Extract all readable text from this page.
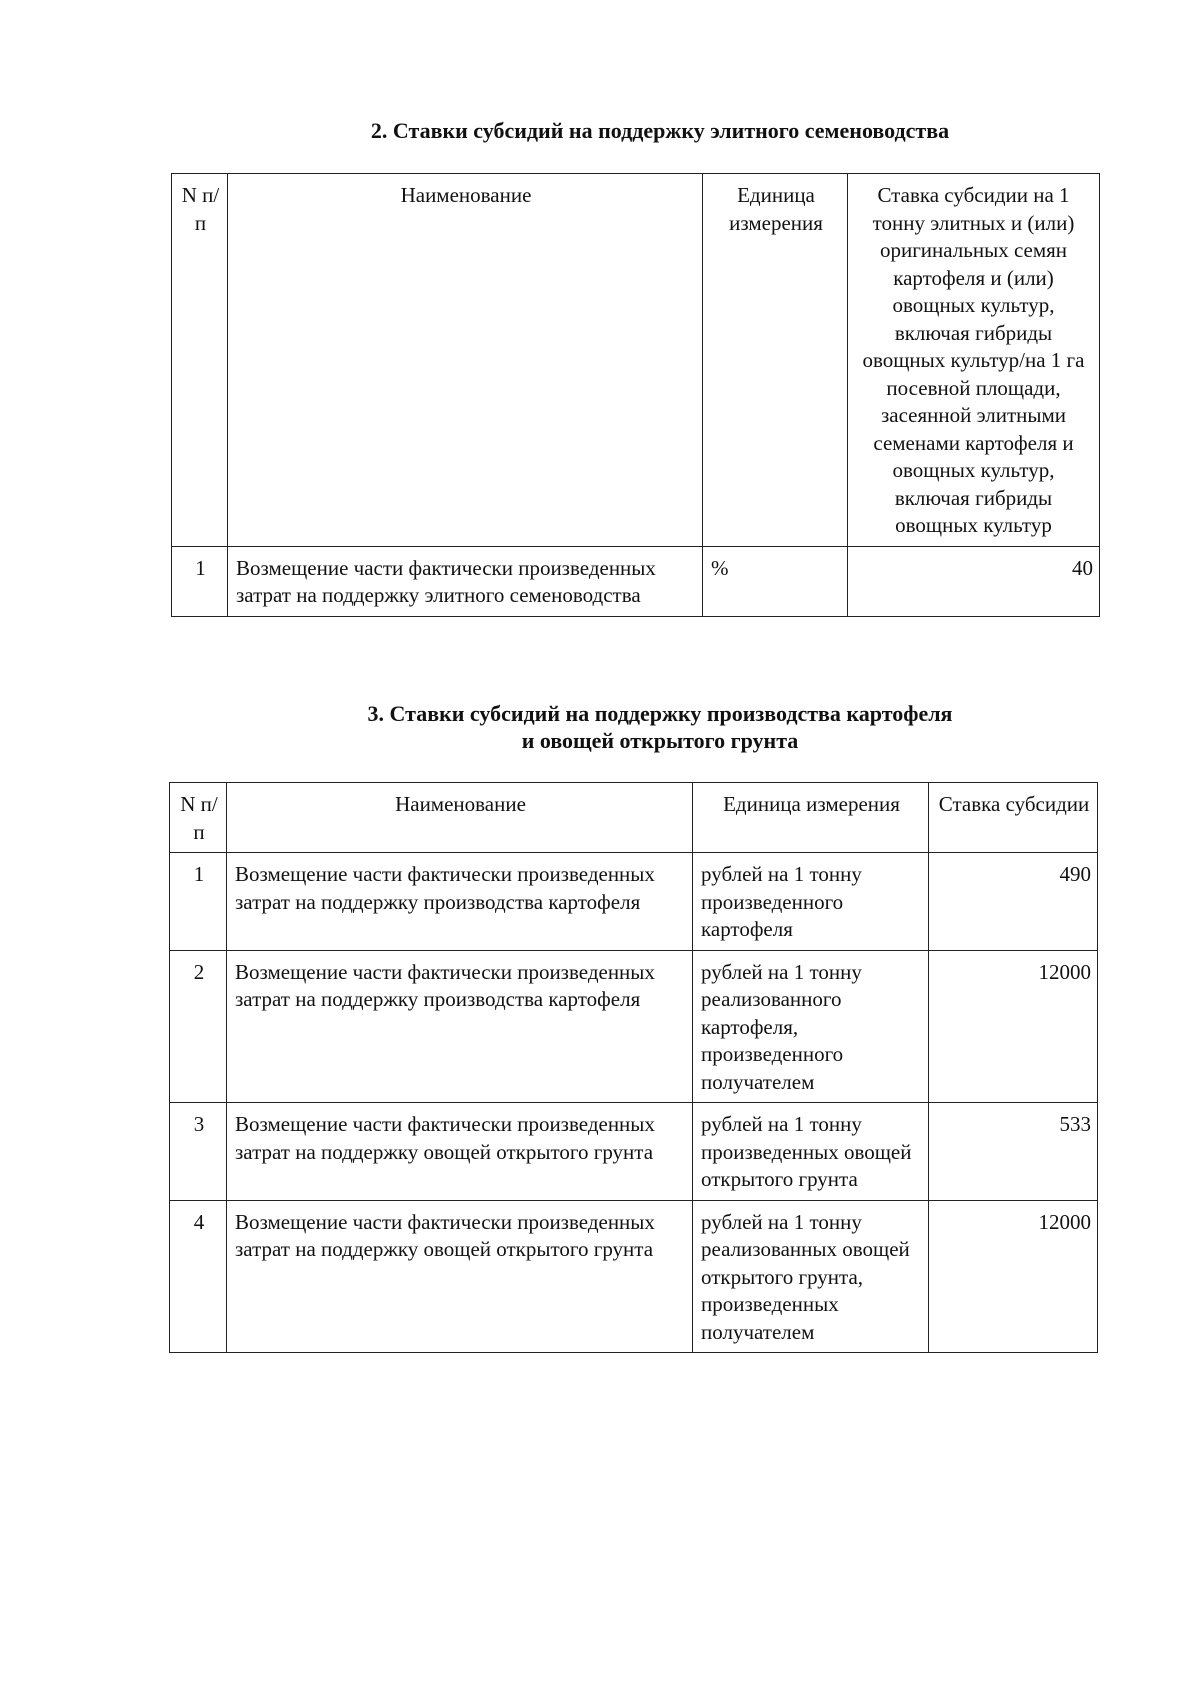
2. Ставки субсидий на поддержку элитного семеноводства
N п/п	Наименование	Единица измерения	Ставка субсидии на 1 тонну элитных и (или) оригинальных семян картофеля и (или) овощных культур, включая гибриды овощных культур/на 1 га посевной площади, засеянной элитными семенами картофеля и овощных культур, включая гибриды овощных культур
1	Возмещение части фактически произведенных затрат на поддержку элитного семеноводства	%	40
3. Ставки субсидий на поддержку производства картофеля
и овощей открытого грунта
N п/п	Наименование	Единица измерения	Ставка субсидии
1	Возмещение части фактически произведенных затрат на поддержку производства картофеля	рублей на 1 тонну произведенного картофеля	490
2	Возмещение части фактически произведенных затрат на поддержку производства картофеля	рублей на 1 тонну реализованного картофеля, произведенного получателем	12000
3	Возмещение части фактически произведенных затрат на поддержку овощей открытого грунта	рублей на 1 тонну произведенных овощей открытого грунта	533
4	Возмещение части фактически произведенных затрат на поддержку овощей открытого грунта	рублей на 1 тонну реализованных овощей открытого грунта, произведенных получателем	12000
